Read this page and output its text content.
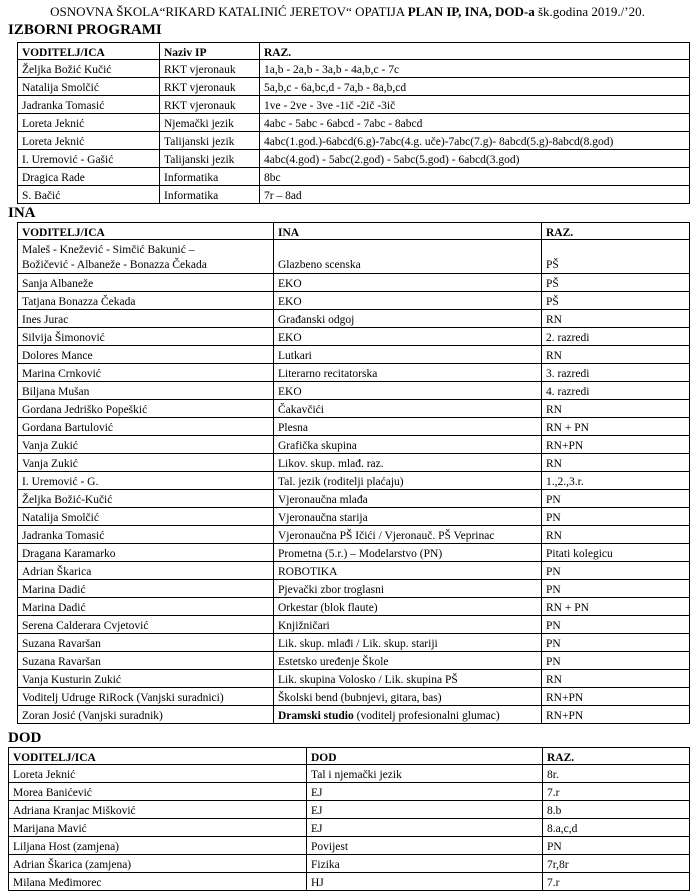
OSNOVNA ŠKOLA“RIKARD KATALINIĆ JERETOV“ OPATIJA PLAN IP, INA, DOD-a šk.godina 2019./’20.
IZBORNI PROGRAMI
VODITELJ/ICA	Naziv IP	RAZ.
Željka Božić Kučić	RKT vjeronauk	1a,b - 2a,b - 3a,b - 4a,b,c - 7c
Natalija Smolčić	RKT vjeronauk	5a,b,c - 6a,bc,d - 7a,b - 8a,b,cd
Jadranka Tomasić	RKT vjeronauk	1ve - 2ve - 3ve -1ič -2ič -3ič
Loreta Jeknić	Njemački jezik	4abc - 5abc - 6abcd - 7abc - 8abcd
Loreta Jeknić	Talijanski jezik	4abc(1.god.)-6abcd(6.g)-7abc(4.g. uče)-7abc(7.g)- 8abcd(5.g)-8abcd(8.god)
I. Uremović - Gašić	Talijanski jezik	4abc(4.god) - 5abc(2.god) - 5abc(5.god) - 6abcd(3.god)
Dragica Rade	Informatika	8bc
S. Bačić	Informatika	7r – 8ad
INA
VODITELJ/ICA	INA	RAZ.
Maleš - Knežević - Simčić Bakunić –
Božičević - Albaneže - Bonazza Čekada	Glazbeno scenska	PŠ
Sanja Albaneže	EKO	PŠ
Tatjana Bonazza Čekada	EKO	PŠ
Ines Jurac	Građanski odgoj	RN
Silvija Šimonović	EKO	2. razredi
Dolores Mance	Lutkari	RN
Marina Crnković	Literarno recitatorska	3. razredi
Biljana Mušan	EKO	4. razredi
Gordana Jedriško Popeškić	Čakavčići	RN
Gordana Bartulović	Plesna	RN + PN
Vanja Zukić	Grafička skupina	RN+PN
Vanja Zukić	Likov. skup. mlađ. raz.	RN
I. Uremović - G.	Tal. jezik (roditelji plaćaju)	1.,2.,3.r.
Željka Božić-Kučić	Vjeronaučna mlađa	PN
Natalija Smolčić	Vjeronaučna starija	PN
Jadranka Tomasić	Vjeronaučna PŠ Ičići / Vjeronauč. PŠ Veprinac	RN
Dragana Karamarko	Prometna (5.r.) – Modelarstvo (PN)	Pitati kolegicu
Adrian Škarica	ROBOTIKA	PN
Marina Dadić	Pjevački zbor troglasni	PN
Marina Dadić	Orkestar (blok flaute)	RN + PN
Serena Calderara Cvjetović	Knjižničari	PN
Suzana Ravaršan	Lik. skup. mlađi / Lik. skup. stariji	PN
Suzana Ravaršan	Estetsko uređenje Škole	PN
Vanja Kusturin Zukić	Lik. skupina Volosko / Lik. skupina PŠ	RN
Voditelj Udruge RiRock (Vanjski suradnici)	Školski bend (bubnjevi, gitara, bas)	RN+PN
Zoran Josić (Vanjski suradnik)	Dramski studio (voditelj profesionalni glumac)	RN+PN
DOD
VODITELJ/ICA	DOD	RAZ.
Loreta Jeknić	Tal i njemački jezik	8r.
Morea Banićević	EJ	7.r
Adriana Kranjac Mišković	EJ	8.b
Marijana Mavić	EJ	8.a,c,d
Liljana Host (zamjena)	Povijest	PN
Adrian Škarica (zamjena)	Fizika	7r,8r
Milana Međimorec	HJ	7.r
